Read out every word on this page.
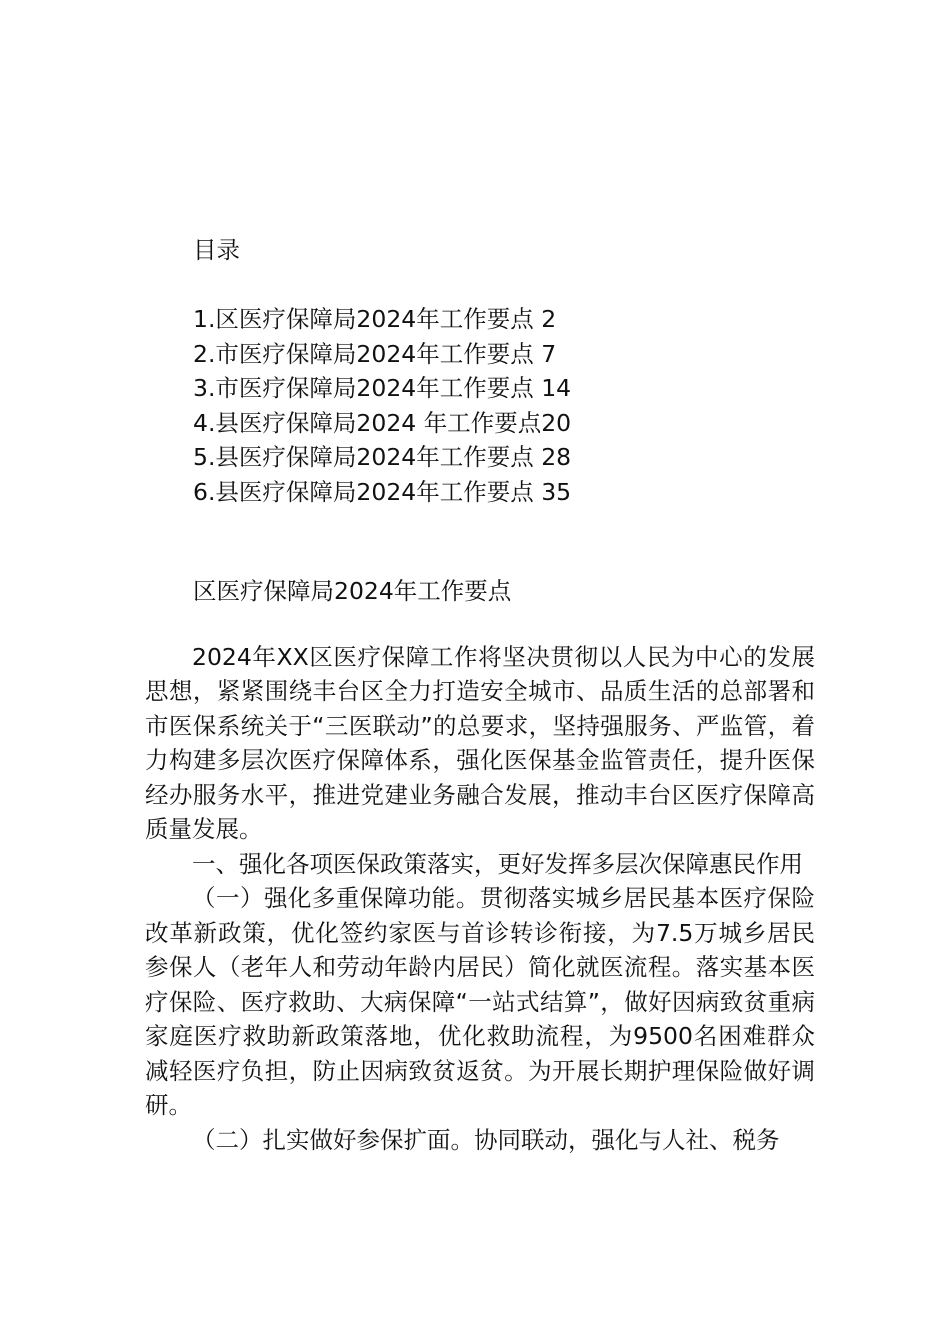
目录
1.区医疗保障局2024年工作要点 2
2.市医疗保障局2024年工作要点 7
3.市医疗保障局2024年工作要点 14
4.县医疗保障局2024 年工作要点20
5.县医疗保障局2024年工作要点 28
6.县医疗保障局2024年工作要点 35
区医疗保障局2024年工作要点

2024年XX区医疗保障工作将坚决贯彻以人民为中心的发展思想，紧紧围绕丰台区全力打造安全城市、品质生活的总部署和市医保系统关于“三医联动”的总要求，坚持强服务、严监管，着力构建多层次医疗保障体系，强化医保基金监管责任，提升医保经办服务水平，推进党建业务融合发展，推动丰台区医疗保障高质量发展。

一、强化各项医保政策落实，更好发挥多层次保障惠民作用

（一）强化多重保障功能。贯彻落实城乡居民基本医疗保险改革新政策，优化签约家医与首诊转诊衔接，为7.5万城乡居民参保人（老年人和劳动年龄内居民）简化就医流程。落实基本医疗保险、医疗救助、大病保障“一站式结算”，做好因病致贫重病家庭医疗救助新政策落地，优化救助流程，为9500名困难群众减轻医疗负担，防止因病致贫返贫。为开展长期护理保险做好调研。

（二）扎实做好参保扩面。协同联动，强化与人社、税务
